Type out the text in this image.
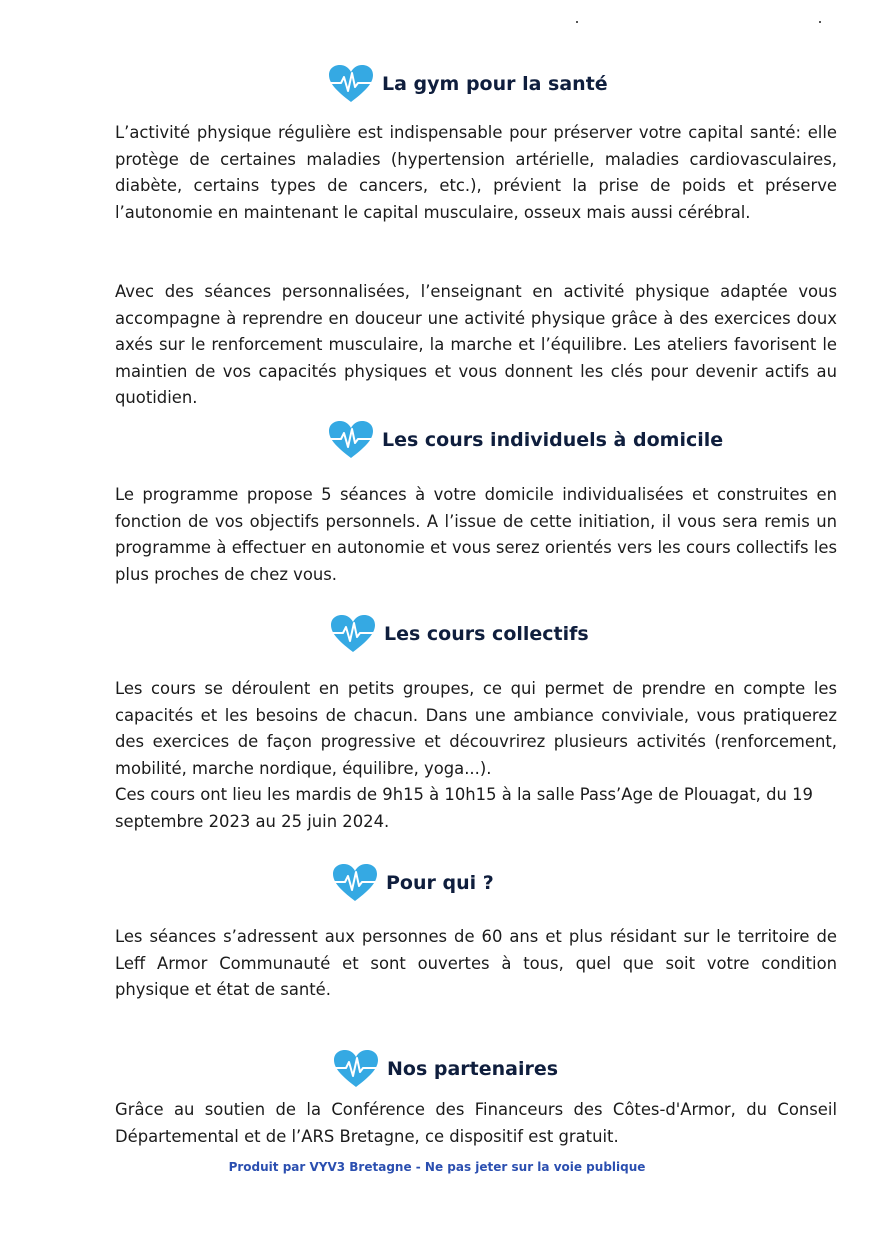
La gym pour la santé

L’activité physique régulière est indispensable pour préserver votre capital santé: elle protège de certaines maladies (hypertension artérielle, maladies cardiovasculaires, diabète, certains types de cancers, etc.), prévient la prise de poids et préserve l’autonomie en maintenant le capital musculaire, osseux mais aussi cérébral.

Avec des séances personnalisées, l’enseignant en activité physique adaptée vous accompagne à reprendre en douceur une activité physique grâce à des exercices doux axés sur le renforcement musculaire, la marche et l’équilibre. Les ateliers favorisent le maintien de vos capacités physiques et vous donnent les clés pour devenir actifs au quotidien.

Les cours individuels à domicile

Le programme propose 5 séances à votre domicile individualisées et construites en fonction de vos objectifs personnels. A l’issue de cette initiation, il vous sera remis un programme à effectuer en autonomie et vous serez orientés vers les cours collectifs les plus proches de chez vous.

Les cours collectifs

Les cours se déroulent en petits groupes, ce qui permet de prendre en compte les capacités et les besoins de chacun. Dans une ambiance conviviale, vous pratiquerez des exercices de façon progressive et découvrirez plusieurs activités (renforcement, mobilité, marche nordique, équilibre, yoga...).

Ces cours ont lieu les mardis de 9h15 à 10h15 à la salle Pass’Age de Plouagat, du 19 septembre 2023 au 25 juin 2024.

Pour qui ?

Les séances s’adressent aux personnes de 60 ans et plus résidant sur le territoire de Leff Armor Communauté et sont ouvertes à tous, quel que soit votre condition physique et état de santé.

Nos partenaires

Grâce au soutien de la Conférence des Financeurs des Côtes-d'Armor, du Conseil Départemental et de l’ARS Bretagne, ce dispositif est gratuit.

Produit par VYV3 Bretagne - Ne pas jeter sur la voie publique
